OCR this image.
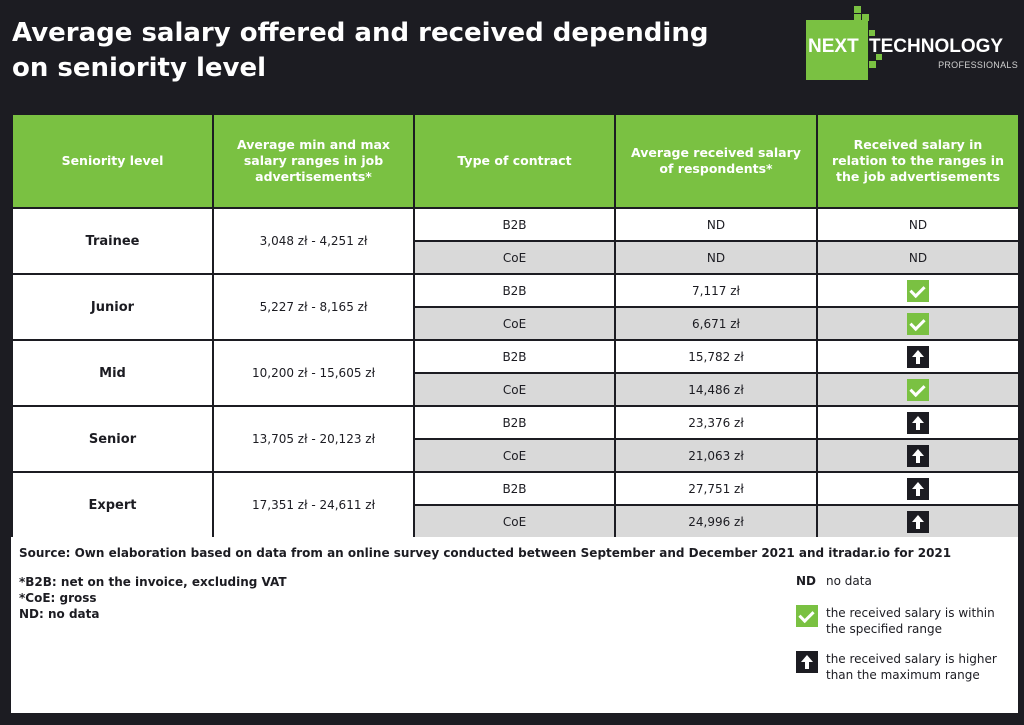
Average salary offered and received depending on seniority level
NEXT TECHNOLOGY
PROFESSIONALS
Seniority level	Average min and max salary ranges in job advertisements*	Type of contract	Average received salary of respondents*	Received salary in relation to the ranges in the job advertisements
Trainee	3,048 zł - 4,251 zł	B2B	ND	ND
		CoE	ND	ND
Junior	5,227 zł - 8,165 zł	B2B	7,117 zł	
		CoE	6,671 zł	
Mid	10,200 zł - 15,605 zł	B2B	15,782 zł	
		CoE	14,486 zł	
Senior	13,705 zł - 20,123 zł	B2B	23,376 zł	
		CoE	21,063 zł	
Expert	17,351 zł - 24,611 zł	B2B	27,751 zł	
		CoE	24,996 zł	
Source: Own elaboration based on data from an online survey conducted between September and December 2021 and itradar.io for 2021
*B2B: net on the invoice, excluding VAT
*CoE: gross
ND: no data
ND no data
the received salary is within the specified range
the received salary is higher than the maximum range
